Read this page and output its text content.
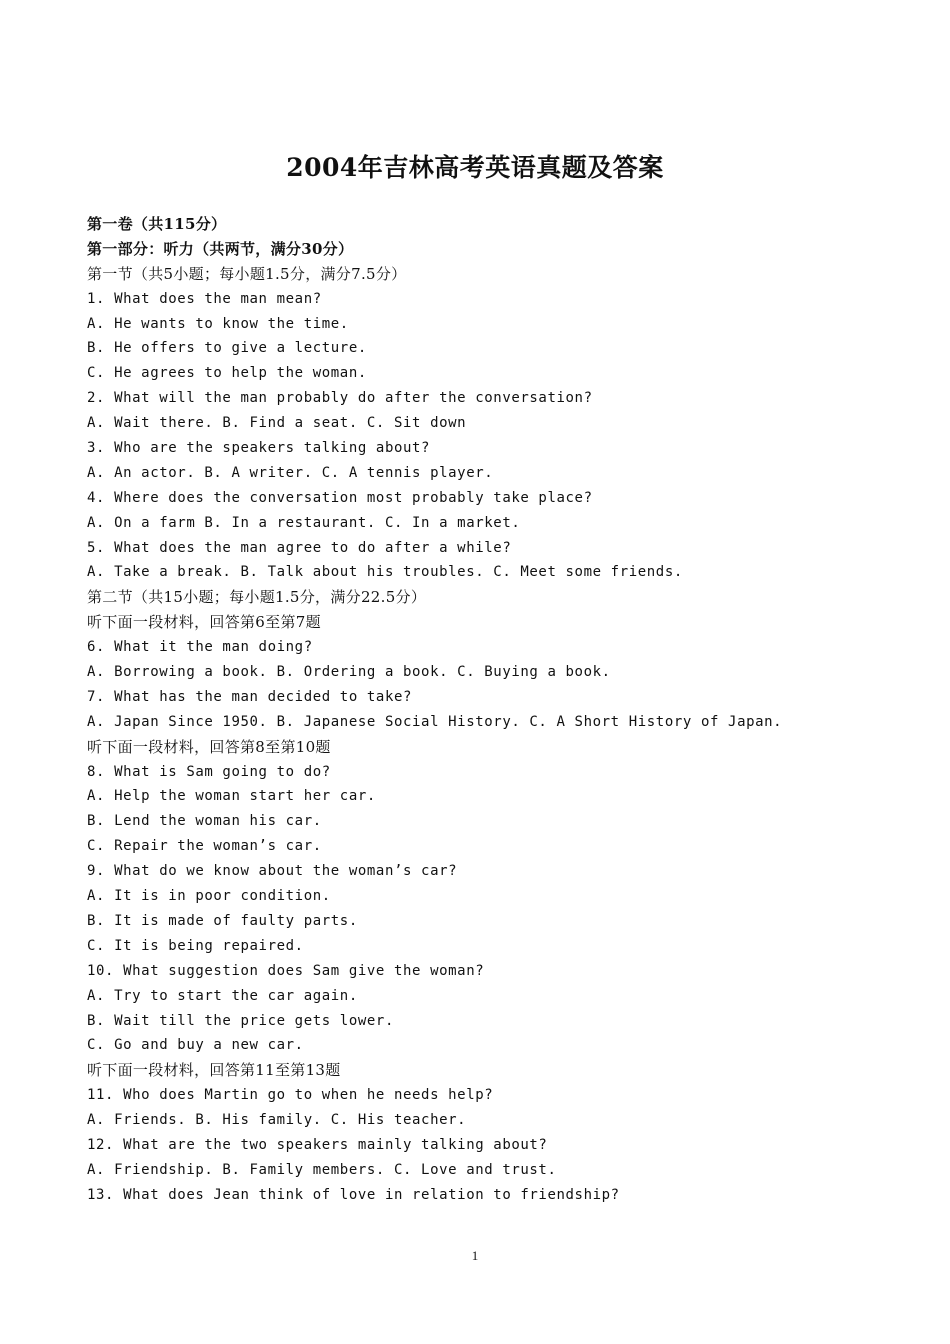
2004年吉林高考英语真题及答案
第一卷（共115分）
第一部分：听力（共两节，满分30分）
第一节（共5小题；每小题1.5分，满分7.5分）
1. What does the man mean?
A. He wants to know the time.
B. He offers to give a lecture.
C. He agrees to help the woman.
2. What will the man probably do after the conversation?
A. Wait there. B. Find a seat. C. Sit down
3. Who are the speakers talking about?
A. An actor. B. A writer. C. A tennis player.
4. Where does the conversation most probably take place?
A. On a farm B. In a restaurant. C. In a market.
5. What does the man agree to do after a while?
A. Take a break. B. Talk about his troubles. C. Meet some friends.
第二节（共15小题；每小题1.5分，满分22.5分）
听下面一段材料，回答第6至第7题
6. What it the man doing?
A. Borrowing a book. B. Ordering a book. C. Buying a book.
7. What has the man decided to take?
A. Japan Since 1950. B. Japanese Social History. C. A Short History of Japan.
听下面一段材料，回答第8至第10题
8. What is Sam going to do?
A. Help the woman start her car.
B. Lend the woman his car.
C. Repair the woman’s car.
9. What do we know about the woman’s car?
A. It is in poor condition.
B. It is made of faulty parts.
C. It is being repaired.
10. What suggestion does Sam give the woman?
A. Try to start the car again.
B. Wait till the price gets lower.
C. Go and buy a new car.
听下面一段材料，回答第11至第13题
11. Who does Martin go to when he needs help?
A. Friends. B. His family. C. His teacher.
12. What are the two speakers mainly talking about?
A. Friendship. B. Family members. C. Love and trust.
13. What does Jean think of love in relation to friendship?
1
